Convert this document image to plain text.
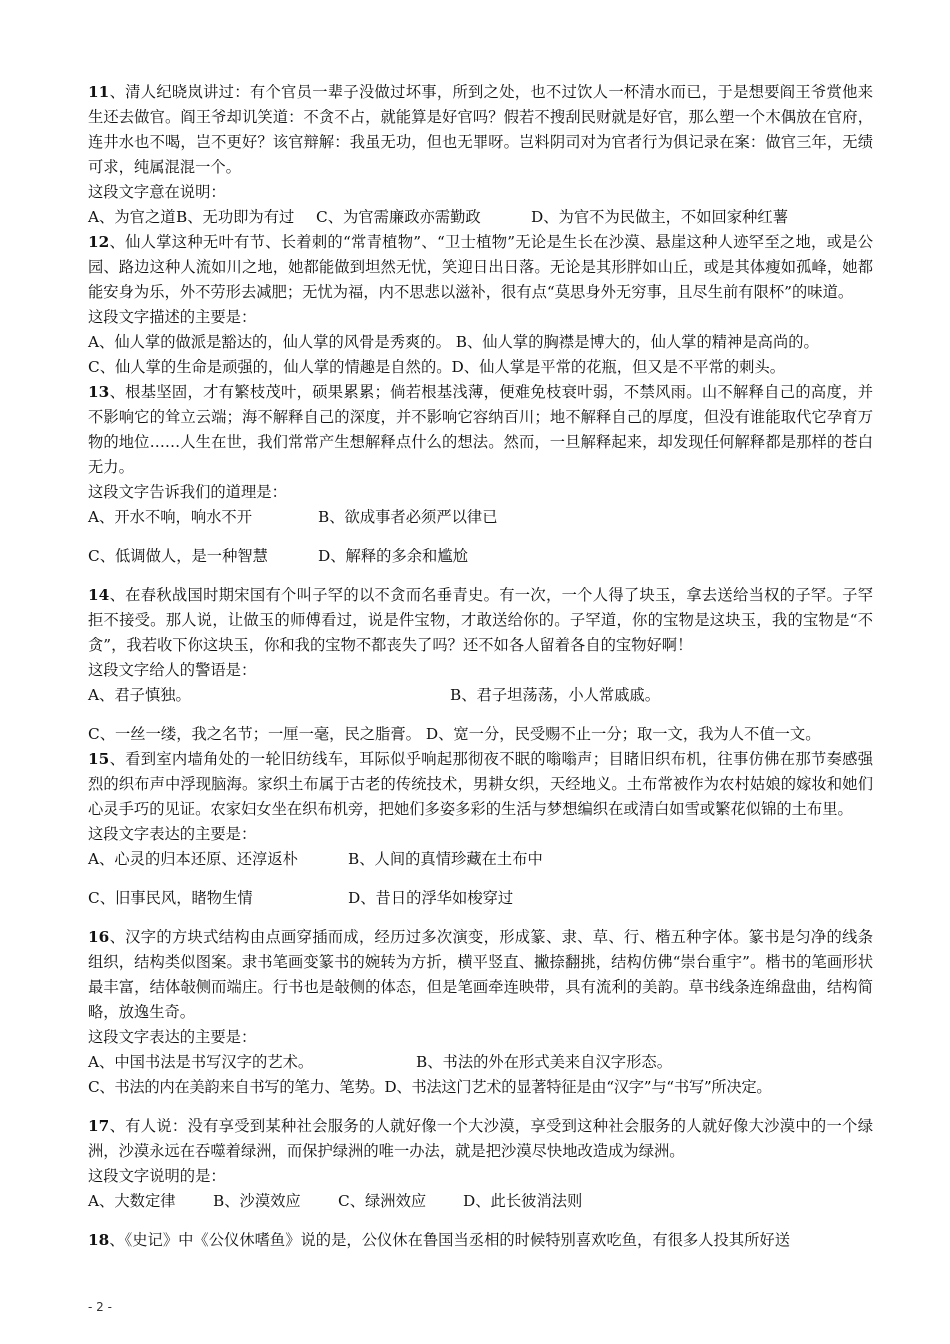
11、清人纪晓岚讲过：有个官员一辈子没做过坏事，所到之处，也不过饮人一杯清水而已，于是想要阎王爷赏他来生还去做官。阎王爷却讥笑道：不贪不占，就能算是好官吗？假若不搜刮民财就是好官，那么塑一个木偶放在官府，连井水也不喝，岂不更好？该官辩解：我虽无功，但也无罪呀。岂料阴司对为官者行为俱记录在案：做官三年，无绩可求，纯属混混一个。

这段文字意在说明：

A、为官之道 B、无功即为有过	C、为官需廉政亦需勤政	D、为官不为民做主，不如回家种红薯

12、仙人掌这种无叶有节、长着刺的“常青植物”、“卫士植物”无论是生长在沙漠、悬崖这种人迹罕至之地，或是公园、路边这种人流如川之地，她都能做到坦然无忧，笑迎日出日落。无论是其形胖如山丘，或是其体瘦如孤峰，她都能安身为乐，外不劳形去减肥；无忧为福，内不思悲以滋补，很有点“莫思身外无穷事，且尽生前有限杯”的味道。

这段文字描述的主要是：

A、仙人掌的做派是豁达的，仙人掌的风骨是秀爽的。 B、仙人掌的胸襟是博大的，仙人掌的精神是高尚的。

C、仙人掌的生命是顽强的，仙人掌的情趣是自然的。D、仙人掌是平常的花瓶，但又是不平常的刺头。

13、根基坚固，才有繁枝茂叶，硕果累累；倘若根基浅薄，便难免枝衰叶弱，不禁风雨。山不解释自己的高度，并不影响它的耸立云端；海不解释自己的深度，并不影响它容纳百川；地不解释自己的厚度，但没有谁能取代它孕育万物的地位……人生在世，我们常常产生想解释点什么的想法。然而，一旦解释起来，却发现任何解释都是那样的苍白无力。

这段文字告诉我们的道理是：

A、开水不响，响水不开	B、欲成事者必须严以律已
C、低调做人，是一种智慧	D、解释的多余和尴尬

14、在春秋战国时期宋国有个叫子罕的以不贪而名垂青史。有一次，一个人得了块玉，拿去送给当权的子罕。子罕拒不接受。那人说，让做玉的师傅看过，说是件宝物，才敢送给你的。子罕道，你的宝物是这块玉，我的宝物是“不贪”，我若收下你这块玉，你和我的宝物不都丧失了吗？还不如各人留着各自的宝物好啊！

这段文字给人的警语是：

A、君子慎独。	B、君子坦荡荡，小人常戚戚。

C、一丝一缕，我之名节；一厘一毫，民之脂膏。 D、宽一分，民受赐不止一分；取一文，我为人不值一文。

15、看到室内墙角处的一轮旧纺线车，耳际似乎响起那彻夜不眠的嗡嗡声；目睹旧织布机，往事仿佛在那节奏感强烈的织布声中浮现脑海。家织土布属于古老的传统技术，男耕女织，天经地义。土布常被作为农村姑娘的嫁妆和她们心灵手巧的见证。农家妇女坐在织布机旁，把她们多姿多彩的生活与梦想编织在或清白如雪或繁花似锦的土布里。

这段文字表达的主要是：

A、心灵的归本还原、还淳返朴	B、人间的真情珍藏在土布中
C、旧事民风，睹物生情	D、昔日的浮华如梭穿过

16、汉字的方块式结构由点画穿插而成，经历过多次演变，形成篆、隶、草、行、楷五种字体。篆书是匀净的线条组织，结构类似图案。隶书笔画变篆书的婉转为方折，横平竖直、撇捺翻挑，结构仿佛“崇台重宇”。楷书的笔画形状最丰富，结体敧侧而端庄。行书也是敧侧的体态，但是笔画牵连映带，具有流利的美韵。草书线条连绵盘曲，结构简略，放逸生奇。

这段文字表达的主要是：

A、中国书法是书写汉字的艺术。	B、书法的外在形式美来自汉字形态。

C、书法的内在美韵来自书写的笔力、笔势。D、书法这门艺术的显著特征是由“汉字”与“书写”所决定。

17、有人说：没有享受到某种社会服务的人就好像一个大沙漠，享受到这种社会服务的人就好像大沙漠中的一个绿洲，沙漠永远在吞噬着绿洲，而保护绿洲的唯一办法，就是把沙漠尽快地改造成为绿洲。

这段文字说明的是：

A、大数定律	B、沙漠效应	C、绿洲效应	D、此长彼消法则

18、《史记》中《公仪休嗜鱼》说的是，公仪休在鲁国当丞相的时候特别喜欢吃鱼，有很多人投其所好送

- 2 -
